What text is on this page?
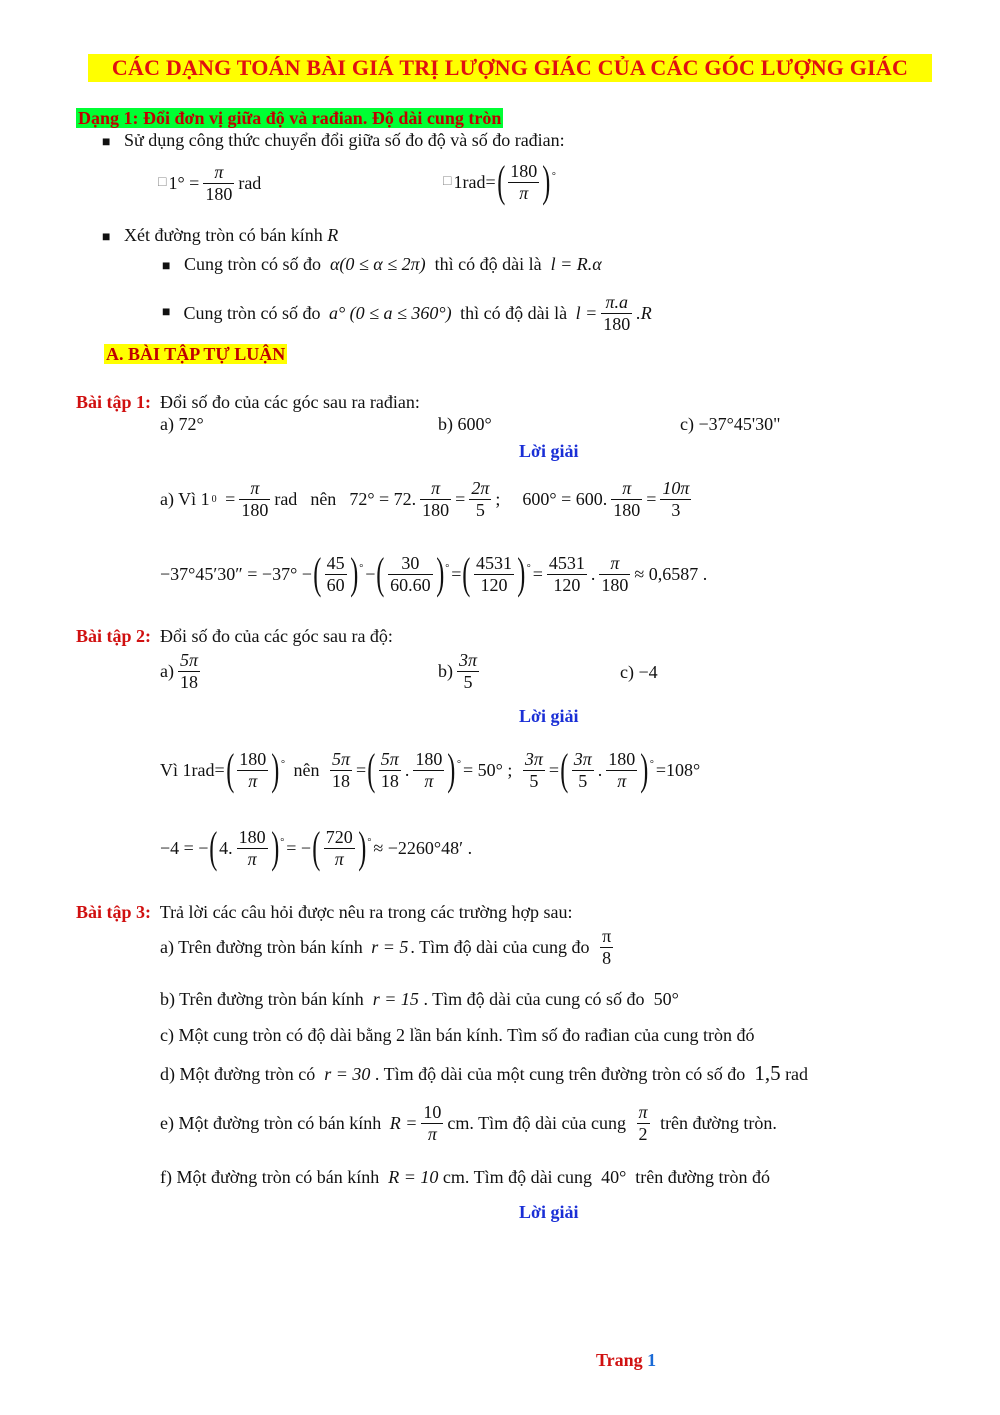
CÁC DẠNG TOÁN BÀI GIÁ TRỊ LƯỢNG GIÁC CỦA CÁC GÓC LƯỢNG GIÁC
Dạng 1: Đổi đơn vị giữa độ và rađian. Độ dài cung tròn
■ Sử dụng công thức chuyển đổi giữa số đo độ và số đo rađian:
□ $1^\circ = \frac{\pi}{180}$ rad	□ 1rad= ( $\frac{180}{\pi}$ ) °
■ Xét đường tròn có bán kính R
■ Cung tròn có số đo α(0 ≤ α ≤ 2π) thì có độ dài là l = R.α
■
Cung tròn có số đo
a° (0 ≤ a ≤ 360°)
thì có độ dài là
$l = \frac{\pi.a}{180} .R$
A. BÀI TẬP TỰ LUẬN
Bài tập 1: Đổi số đo của các góc sau ra rađian:
a) 72°	b) 600°	c) −37°45'30"
Lời giải
a) Vì 1 0
= $\frac{\pi}{180}$ rad
nên
72° = 72. $\frac{\pi}{180} = \frac{2\pi}{5}$ ;
600° = 600. $\frac{\pi}{180} = \frac{10\pi}{3}$
−37°45′30″ = −37° − ( $\frac{45}{60}$ ) ° − ( $\frac{30}{60.60}$ ) ° = ( $\frac{4531}{120}$ ) ° = $\frac{4531}{120}$ . $\frac{\pi}{180} \approx 0,6587$ .
Bài tập 2: Đổi số đo của các góc sau ra độ:
$a) \frac{5\pi}{18}$	$b) \frac{3\pi}{5}$	c) −4
Lời giải
Vì 1rad= ( $\frac{180}{\pi}$ ) °
nên
$\frac{5\pi}{18}$ = ( $\frac{5\pi}{18}$ . $\frac{180}{\pi}$ ) ° = 50° ;
$\frac{3\pi}{5}$ = ( $\frac{3\pi}{5}$ . $\frac{180}{\pi}$ ) ° =108°
−4 = − ( 4. $\frac{180}{\pi}$ ) ° = − ( $\frac{720}{\pi}$ ) ° ≈ −2260°48′ .
Bài tập 3: Trả lời các câu hỏi được nêu ra trong các trường hợp sau:
a) Trên đường tròn bán kính
r = 5 . Tìm độ dài của cung đo
$\frac{\pi}{8}$
b) Trên đường tròn bán kính r = 15 . Tìm độ dài của cung có số đo 50°
c) Một cung tròn có độ dài bằng 2 lần bán kính. Tìm số đo rađian của cung tròn đó
d) Một đường tròn có r = 30 . Tìm độ dài của một cung trên đường tròn có số đo 1,5 rad
e) Một đường tròn có bán kính
$R = \frac{10}{\pi}$ cm. Tìm độ dài của cung
$\frac{\pi}{2}$
trên đường tròn.
f) Một đường tròn có bán kính R = 10 cm. Tìm độ dài cung 40° trên đường tròn đó
Lời giải
Trang 1
